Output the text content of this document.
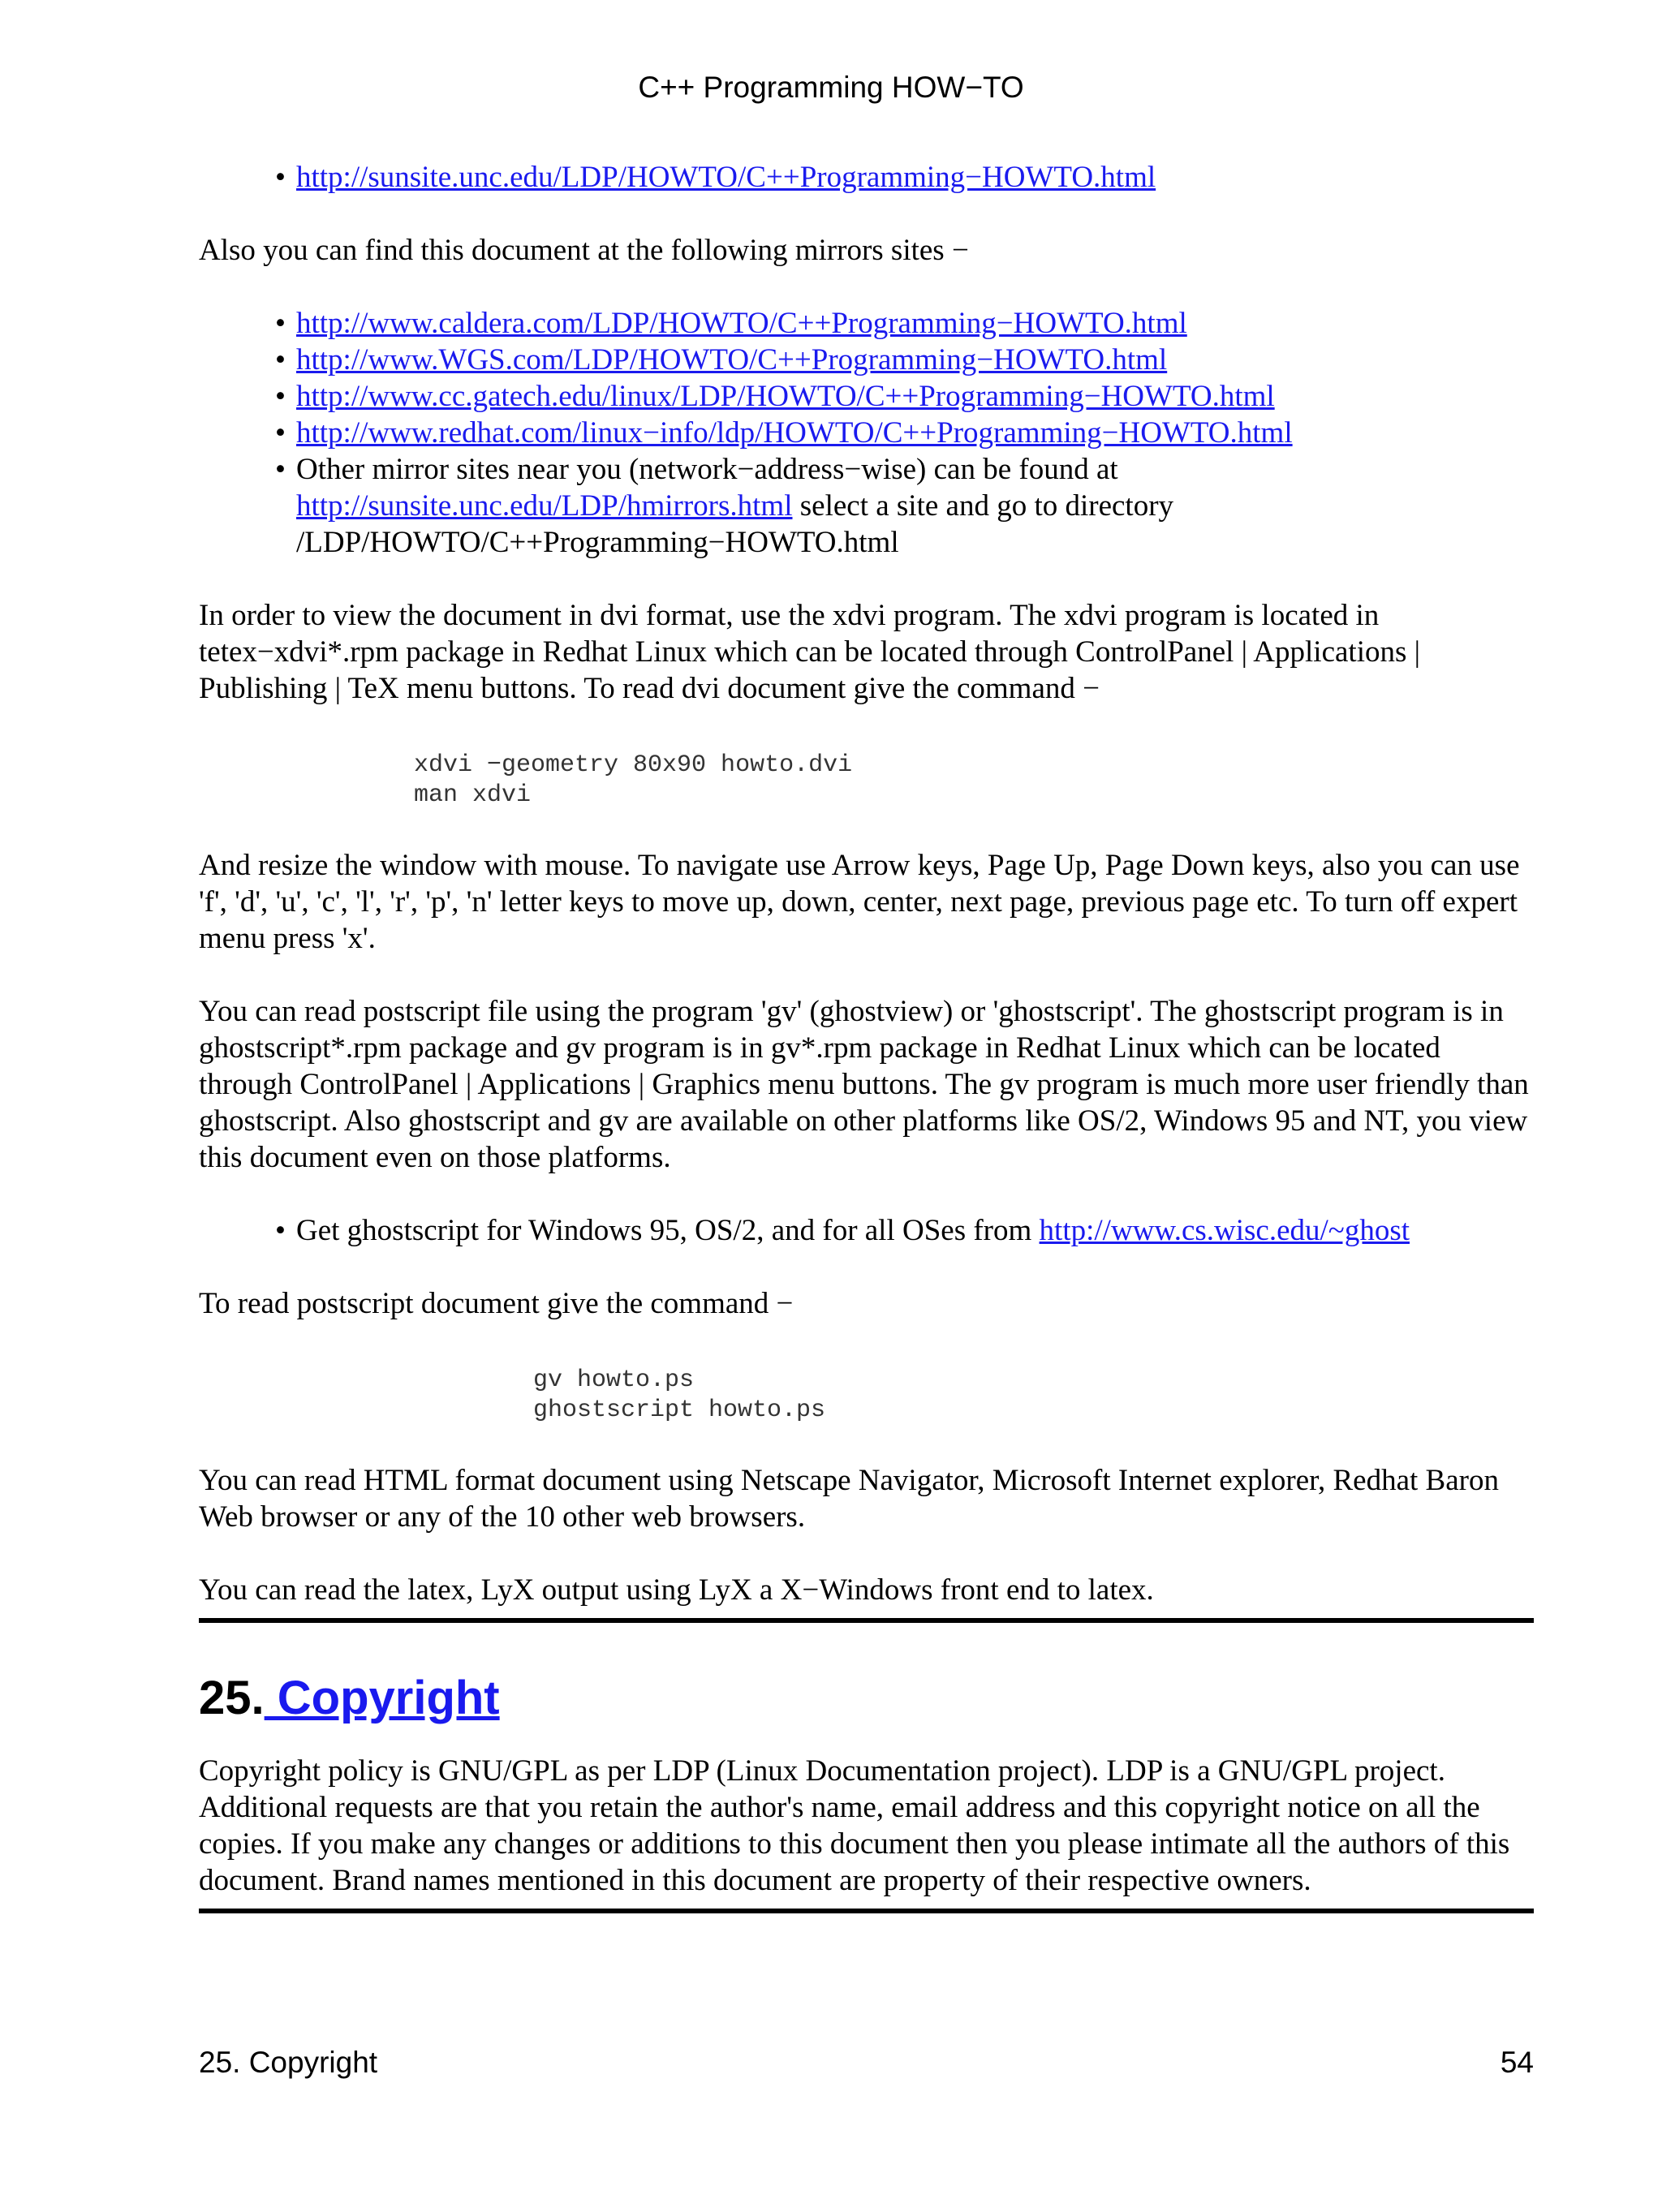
C++ Programming HOW−TO
• http://sunsite.unc.edu/LDP/HOWTO/C++Programming−HOWTO.html

Also you can find this document at the following mirrors sites −

• http://www.caldera.com/LDP/HOWTO/C++Programming−HOWTO.html
• http://www.WGS.com/LDP/HOWTO/C++Programming−HOWTO.html
• http://www.cc.gatech.edu/linux/LDP/HOWTO/C++Programming−HOWTO.html
• http://www.redhat.com/linux−info/ldp/HOWTO/C++Programming−HOWTO.html
• Other mirror sites near you (network−address−wise) can be found at
http://sunsite.unc.edu/LDP/hmirrors.html select a site and go to directory
/LDP/HOWTO/C++Programming−HOWTO.html

In order to view the document in dvi format, use the xdvi program. The xdvi program is located in tetex−xdvi*.rpm package in Redhat Linux which can be located through ControlPanel | Applications | Publishing | TeX menu buttons. To read dvi document give the command −

xdvi −geometry 80x90 howto.dvi
man xdvi

And resize the window with mouse. To navigate use Arrow keys, Page Up, Page Down keys, also you can use 'f', 'd', 'u', 'c', 'l', 'r', 'p', 'n' letter keys to move up, down, center, next page, previous page etc. To turn off expert menu press 'x'.

You can read postscript file using the program 'gv' (ghostview) or 'ghostscript'. The ghostscript program is in ghostscript*.rpm package and gv program is in gv*.rpm package in Redhat Linux which can be located through ControlPanel | Applications | Graphics menu buttons. The gv program is much more user friendly than ghostscript. Also ghostscript and gv are available on other platforms like OS/2, Windows 95 and NT, you view this document even on those platforms.

• Get ghostscript for Windows 95, OS/2, and for all OSes from http://www.cs.wisc.edu/~ghost

To read postscript document give the command −

gv howto.ps
ghostscript howto.ps

You can read HTML format document using Netscape Navigator, Microsoft Internet explorer, Redhat Baron Web browser or any of the 10 other web browsers.

You can read the latex, LyX output using LyX a X−Windows front end to latex.

25. Copyright

Copyright policy is GNU/GPL as per LDP (Linux Documentation project). LDP is a GNU/GPL project. Additional requests are that you retain the author's name, email address and this copyright notice on all the copies. If you make any changes or additions to this document then you please intimate all the authors of this document. Brand names mentioned in this document are property of their respective owners.

25. Copyright	54
